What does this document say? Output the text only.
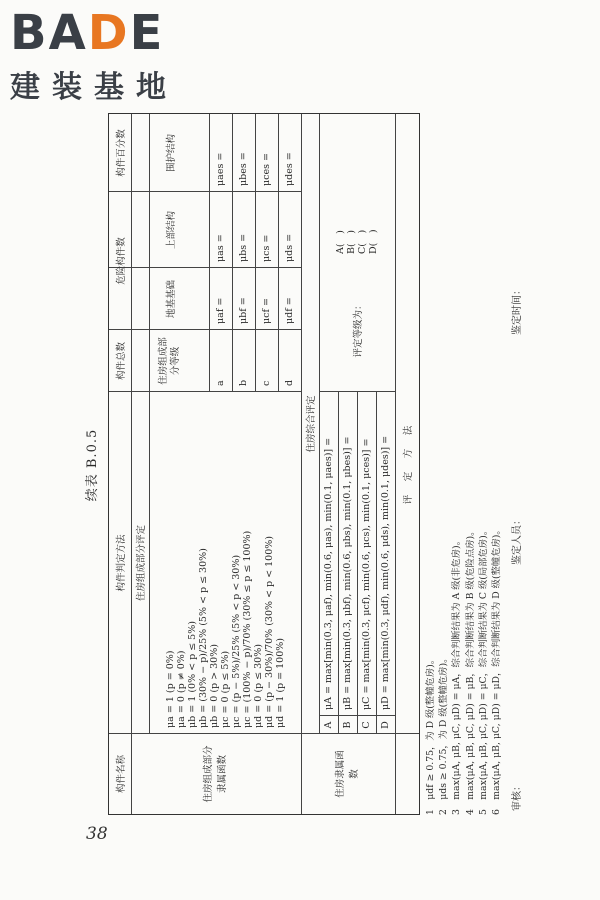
BADE
建装基地
38
续表 B.0.5
构件名称
构件判定方法
构件总数
危险构件数
构件百分数
住房组成部分评定
住房组成部分隶属函数
μa = 1 (p = 0%) μa = 0 (p ≠ 0%) μb = 1 (0% < p ≤ 5%) μb = (30% − p)/25% (5% < p ≤ 30%) μb = 0 (p > 30%) μc = 0 (p ≤ 5%) μc = (p − 5%)/25% (5% < p < 30%) μc = (100% − p)/70% (30% ≤ p ≤ 100%) μd = 0 (p ≤ 30%) μd = (p − 30%)/70% (30% < p < 100%) μd = 1 (p = 100%)
住房组成部分等级
地基基础
上部结构
围护结构
a
μaf =
μas =
μaes =
b
μbf =
μbs =
μbes =
c
μcf =
μcs =
μces =
d
μdf =
μds =
μdes =
住房综合评定
住房隶属函数
A
μA = max[min(0.3, μaf), min(0.6, μas), min(0.1, μaes)] =
B
μB = max[min(0.3, μbf), min(0.6, μbs), min(0.1, μbes)] =
C
μC = max[min(0.3, μcf), min(0.6, μcs), min(0.1, μces)] =
D
μD = max[min(0.3, μdf), min(0.6, μds), min(0.1, μdes)] =
评定等级为：
A(　) B(　) C(　) D(　)
评　定　方　法
1　μdf ≥ 0.75，为 D 级(整幢危房)。 2　μds ≥ 0.75，为 D 级(整幢危房)。 3　max(μA, μB, μC, μD) = μA，综合判断结果为 A 级(非危房)。 4　max(μA, μB, μC, μD) = μB，综合判断结果为 B 级(危险点房)。 5　max(μA, μB, μC, μD) = μC，综合判断结果为 C 级(局部危房)。 6　max(μA, μB, μC, μD) = μD，综合判断结果为 D 级(整幢危房)。 审核：
鉴定人员：
鉴定时间：
